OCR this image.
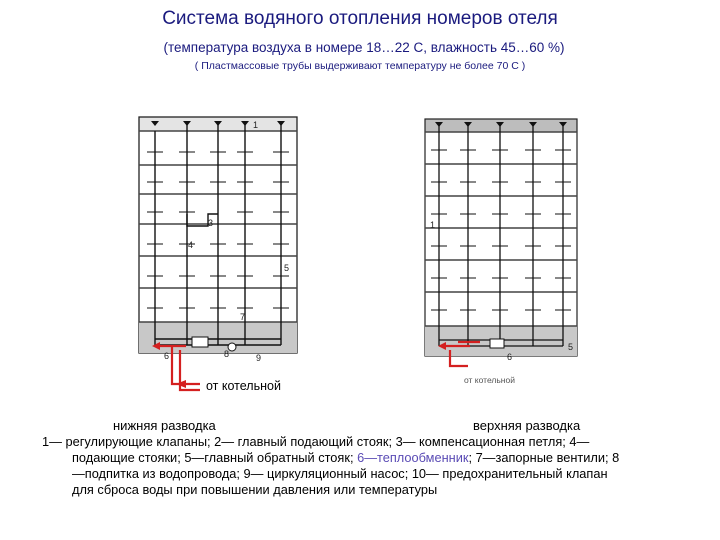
Система водяного отопления номеров отеля
(температура воздуха в номере 18…22 С, влажность 45…60 %)
( Пластмассовые трубы выдерживают температуру не более 70 С )
1
3
4
5
7
6	8	9	6
1
5
от котельной	от котельной
нижняя разводка	верхняя разводка
1— регулирующие клапаны; 2— главный подающий стояк; 3— компенсационная петля; 4—
подающие стояки; 5—главный обратный стояк; 6—теплообменник; 7—запорные вентили; 8
—подпитка из водопровода; 9— циркуляционный насос; 10— предохранительный клапан
для сброса воды при повышении давления или температуры
